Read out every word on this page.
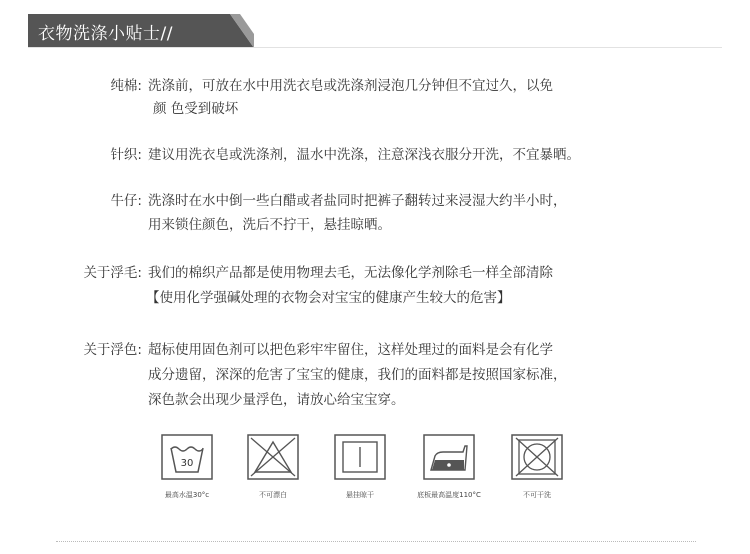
衣物洗涤小贴士//
纯棉: 洗涤前，可放在水中用洗衣皂或洗涤剂浸泡几分钟但不宜过久，以免
颜 色受到破坏
针织: 建议用洗衣皂或洗涤剂，温水中洗涤，注意深浅衣服分开洗，不宜暴晒。
牛仔: 洗涤时在水中倒一些白醋或者盐同时把裤子翻转过来浸湿大约半小时，
用来锁住颜色，洗后不拧干，悬挂晾晒。
关于浮毛: 我们的棉织产品都是使用物理去毛，无法像化学剂除毛一样全部清除
【使用化学强碱处理的衣物会对宝宝的健康产生较大的危害】
关于浮色: 超标使用固色剂可以把色彩牢牢留住，这样处理过的面料是会有化学
成分遗留，深深的危害了宝宝的健康，我们的面料都是按照国家标准，
深色款会出现少量浮色，请放心给宝宝穿。
30
最高水温30°c	不可漂白	悬挂晾干	底板最高温度110°C	不可干洗
